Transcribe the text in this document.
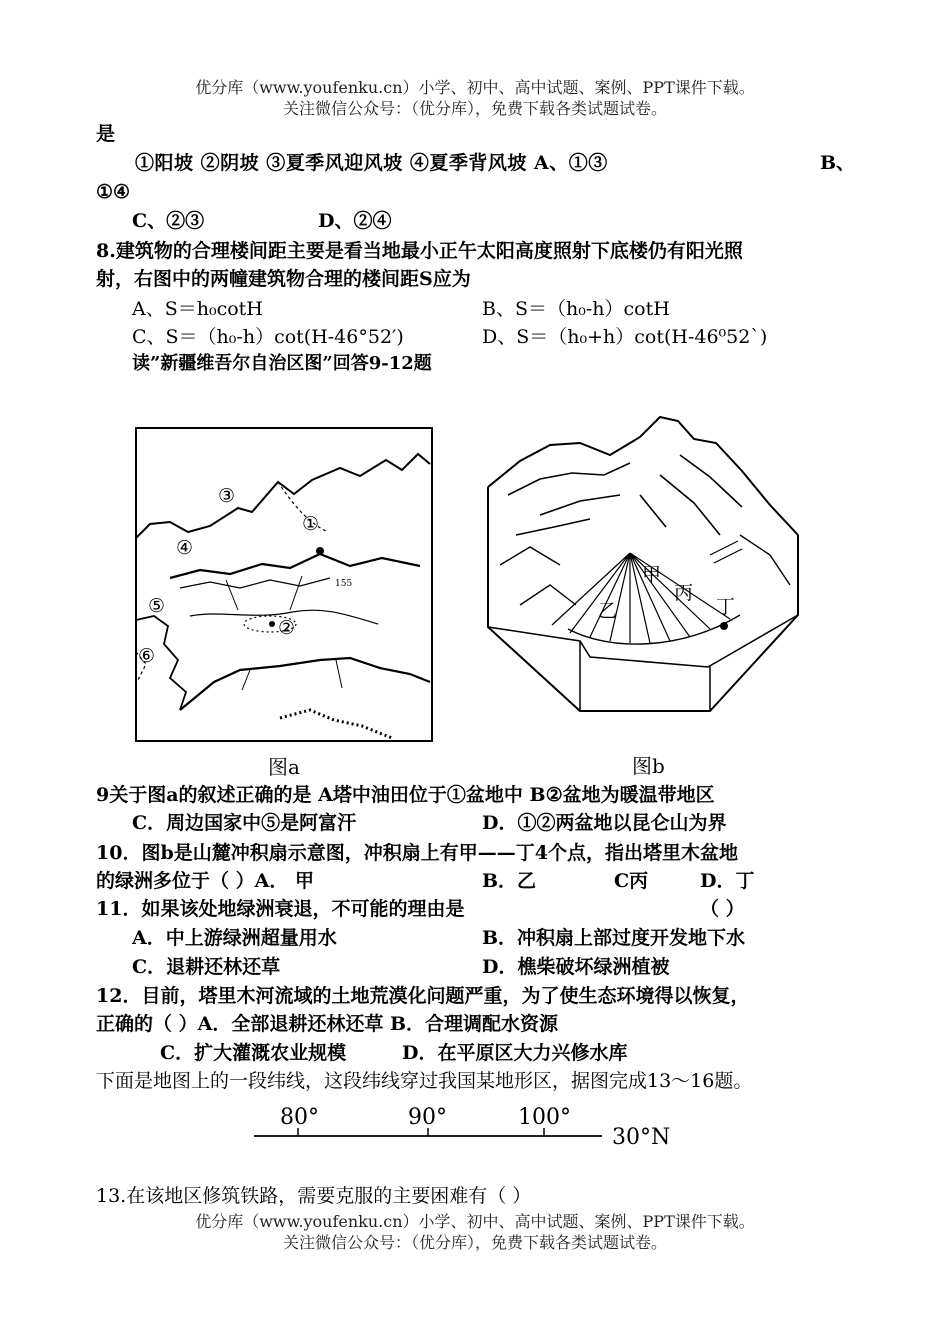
优分库（www.youfenku.cn）小学、初中、高中试题、案例、PPT课件下载。
关注微信公众号：（优分库），免费下载各类试题试卷。
是
①阳坡 ②阴坡 ③夏季风迎风坡 ④夏季背风坡 A、①③	B、
①④
C、②③	D、②④
8.建筑物的合理楼间距主要是看当地最小正午太阳高度照射下底楼仍有阳光照
射，右图中的两幢建筑物合理的楼间距S应为
A、S＝h₀cotH	B、S＝（h₀-h）cotH
C、S＝（h₀-h）cot(H-46°52′)	D、S＝（h₀+h）cot(H-46⁰52`)
读”新疆维吾尔自治区图”回答9-12题
155
③
①
④
⑤
②
⑥
图a
甲
乙
丙
丁
图b
9关于图a的叙述正确的是 A塔中油田位于①盆地中 B②盆地为暖温带地区
C．周边国家中⑤是阿富汗	D．①②两盆地以昆仑山为界
10．图b是山麓冲积扇示意图，冲积扇上有甲——丁4个点，指出塔里木盆地
的绿洲多位于（ ）A． 甲	B．乙	C丙	D．丁
11．如果该处地绿洲衰退，不可能的理由是	（ ）
A．中上游绿洲超量用水	B．冲积扇上部过度开发地下水
C．退耕还林还草	D．樵柴破坏绿洲植被
12．目前，塔里木河流域的土地荒漠化问题严重，为了使生态环境得以恢复，
正确的（ ）A．全部退耕还林还草 B．合理调配水资源
C．扩大灌溉农业规模	D．在平原区大力兴修水库
下面是地图上的一段纬线，这段纬线穿过我国某地形区，据图完成13～16题。
80°	90°	100°
30°N
13.在该地区修筑铁路，需要克服的主要困难有（ ）
优分库（www.youfenku.cn）小学、初中、高中试题、案例、PPT课件下载。
关注微信公众号：（优分库），免费下载各类试题试卷。
